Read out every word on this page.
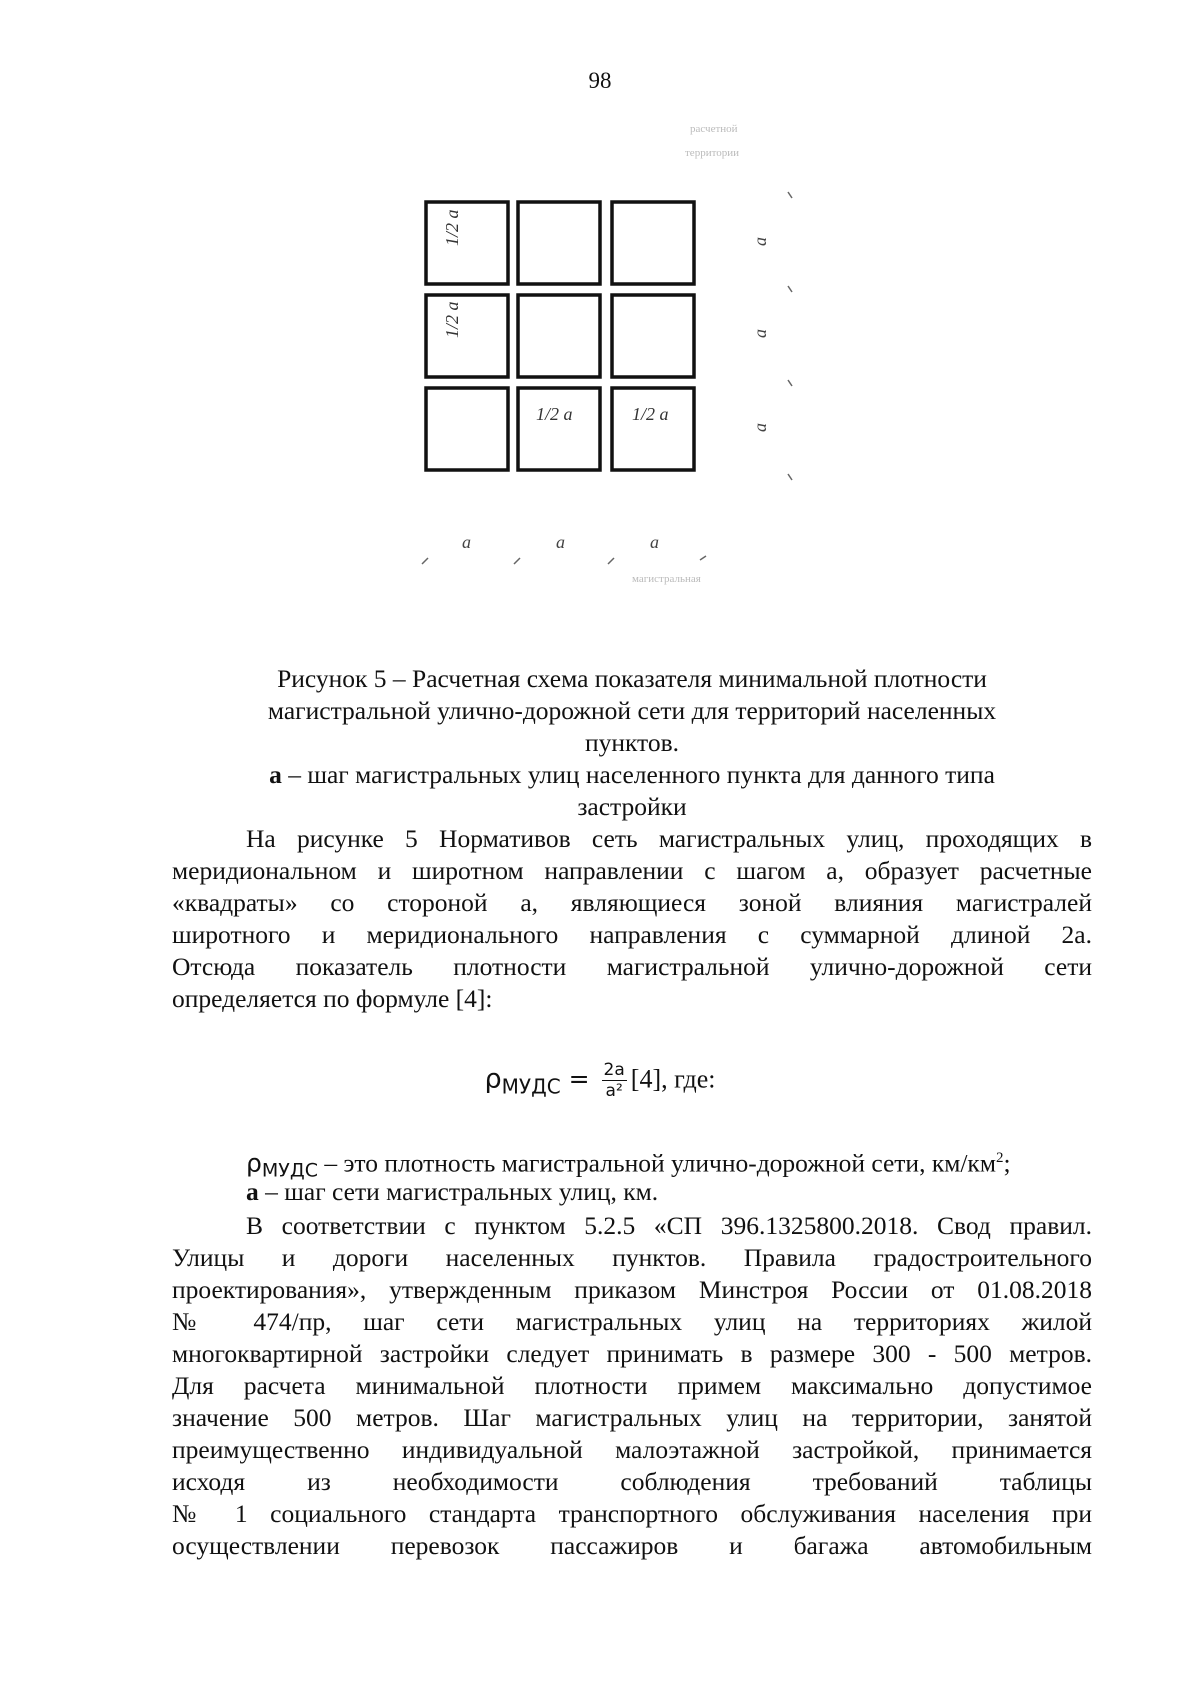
98
расчетной
территории
1/2 a
1/2 a
1/2 a	1/2 a
a
a
a
a	a	a
магистральная

Рисунок 5 – Расчетная схема показателя минимальной плотности

магистральной улично-дорожной сети для территорий населенных

пунктов.

а – шаг магистральных улиц населенного пункта для данного типа

застройки

На рисунке 5 Нормативов сеть магистральных улиц, проходящих в

меридиональном и широтном направлении с шагом а, образует расчетные

«квадраты» со стороной а, являющиеся зоной влияния магистралей

широтного и меридионального направления с суммарной длиной 2а.

Отсюда показатель плотности магистральной улично-дорожной сети

определяется по формуле [4]:

$\rho_{МУДС} = \frac{2a}{\text{a²}} [4]$, где:
$\rho_{МУДС}$ – это плотность магистральной улично-дорожной сети, $км/км^2$;
а – шаг сети магистральных улиц, км.

В соответствии с пунктом 5.2.5 «СП 396.1325800.2018. Свод правил.

Улицы и дороги населенных пунктов. Правила градостроительного

проектирования», утвержденным приказом Минстроя России от 01.08.2018

№ 474/пр, шаг сети магистральных улиц на территориях жилой

многоквартирной застройки следует принимать в размере 300 - 500 метров.

Для расчета минимальной плотности примем максимально допустимое

значение 500 метров. Шаг магистральных улиц на территории, занятой

преимущественно индивидуальной малоэтажной застройкой, принимается

исходя из необходимости соблюдения требований таблицы

№ 1 социального стандарта транспортного обслуживания населения при

осуществлении перевозок пассажиров и багажа автомобильным
